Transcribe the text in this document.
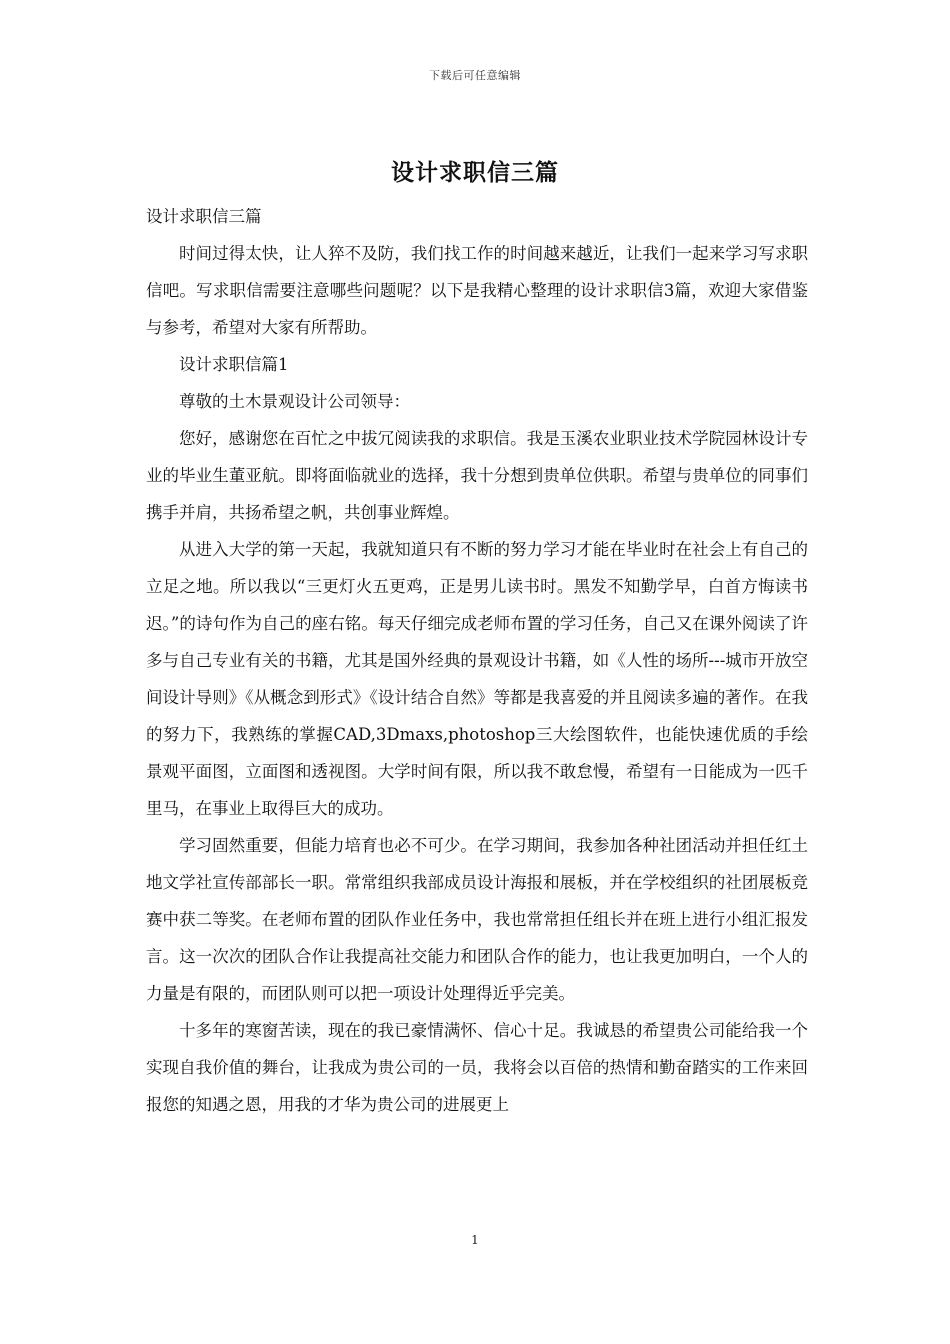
下载后可任意编辑
设计求职信三篇

设计求职信三篇

时间过得太快，让人猝不及防，我们找工作的时间越来越近，让我们一起来学习写求职信吧。写求职信需要注意哪些问题呢？以下是我精心整理的设计求职信3篇，欢迎大家借鉴与参考，希望对大家有所帮助。

设计求职信篇1

尊敬的土木景观设计公司领导：

您好，感谢您在百忙之中拔冗阅读我的求职信。我是玉溪农业职业技术学院园林设计专业的毕业生董亚航。即将面临就业的选择，我十分想到贵单位供职。希望与贵单位的同事们携手并肩，共扬希望之帆，共创事业辉煌。

从进入大学的第一天起，我就知道只有不断的努力学习才能在毕业时在社会上有自己的立足之地。所以我以“三更灯火五更鸡，正是男儿读书时。黑发不知勤学早，白首方悔读书迟。”的诗句作为自己的座右铭。每天仔细完成老师布置的学习任务，自己又在课外阅读了许多与自己专业有关的书籍，尤其是国外经典的景观设计书籍，如《人性的场所---城市开放空间设计导则》《从概念到形式》《设计结合自然》等都是我喜爱的并且阅读多遍的著作。在我的努力下，我熟练的掌握CAD,3Dmaxs,photoshop三大绘图软件，也能快速优质的手绘景观平面图，立面图和透视图。大学时间有限，所以我不敢怠慢，希望有一日能成为一匹千里马，在事业上取得巨大的成功。

学习固然重要，但能力培育也必不可少。在学习期间，我参加各种社团活动并担任红土地文学社宣传部部长一职。常常组织我部成员设计海报和展板，并在学校组织的社团展板竞赛中获二等奖。在老师布置的团队作业任务中，我也常常担任组长并在班上进行小组汇报发言。这一次次的团队合作让我提高社交能力和团队合作的能力，也让我更加明白，一个人的力量是有限的，而团队则可以把一项设计处理得近乎完美。

十多年的寒窗苦读，现在的我已豪情满怀、信心十足。我诚恳的希望贵公司能给我一个实现自我价值的舞台，让我成为贵公司的一员，我将会以百倍的热情和勤奋踏实的工作来回报您的知遇之恩，用我的才华为贵公司的进展更上

1
